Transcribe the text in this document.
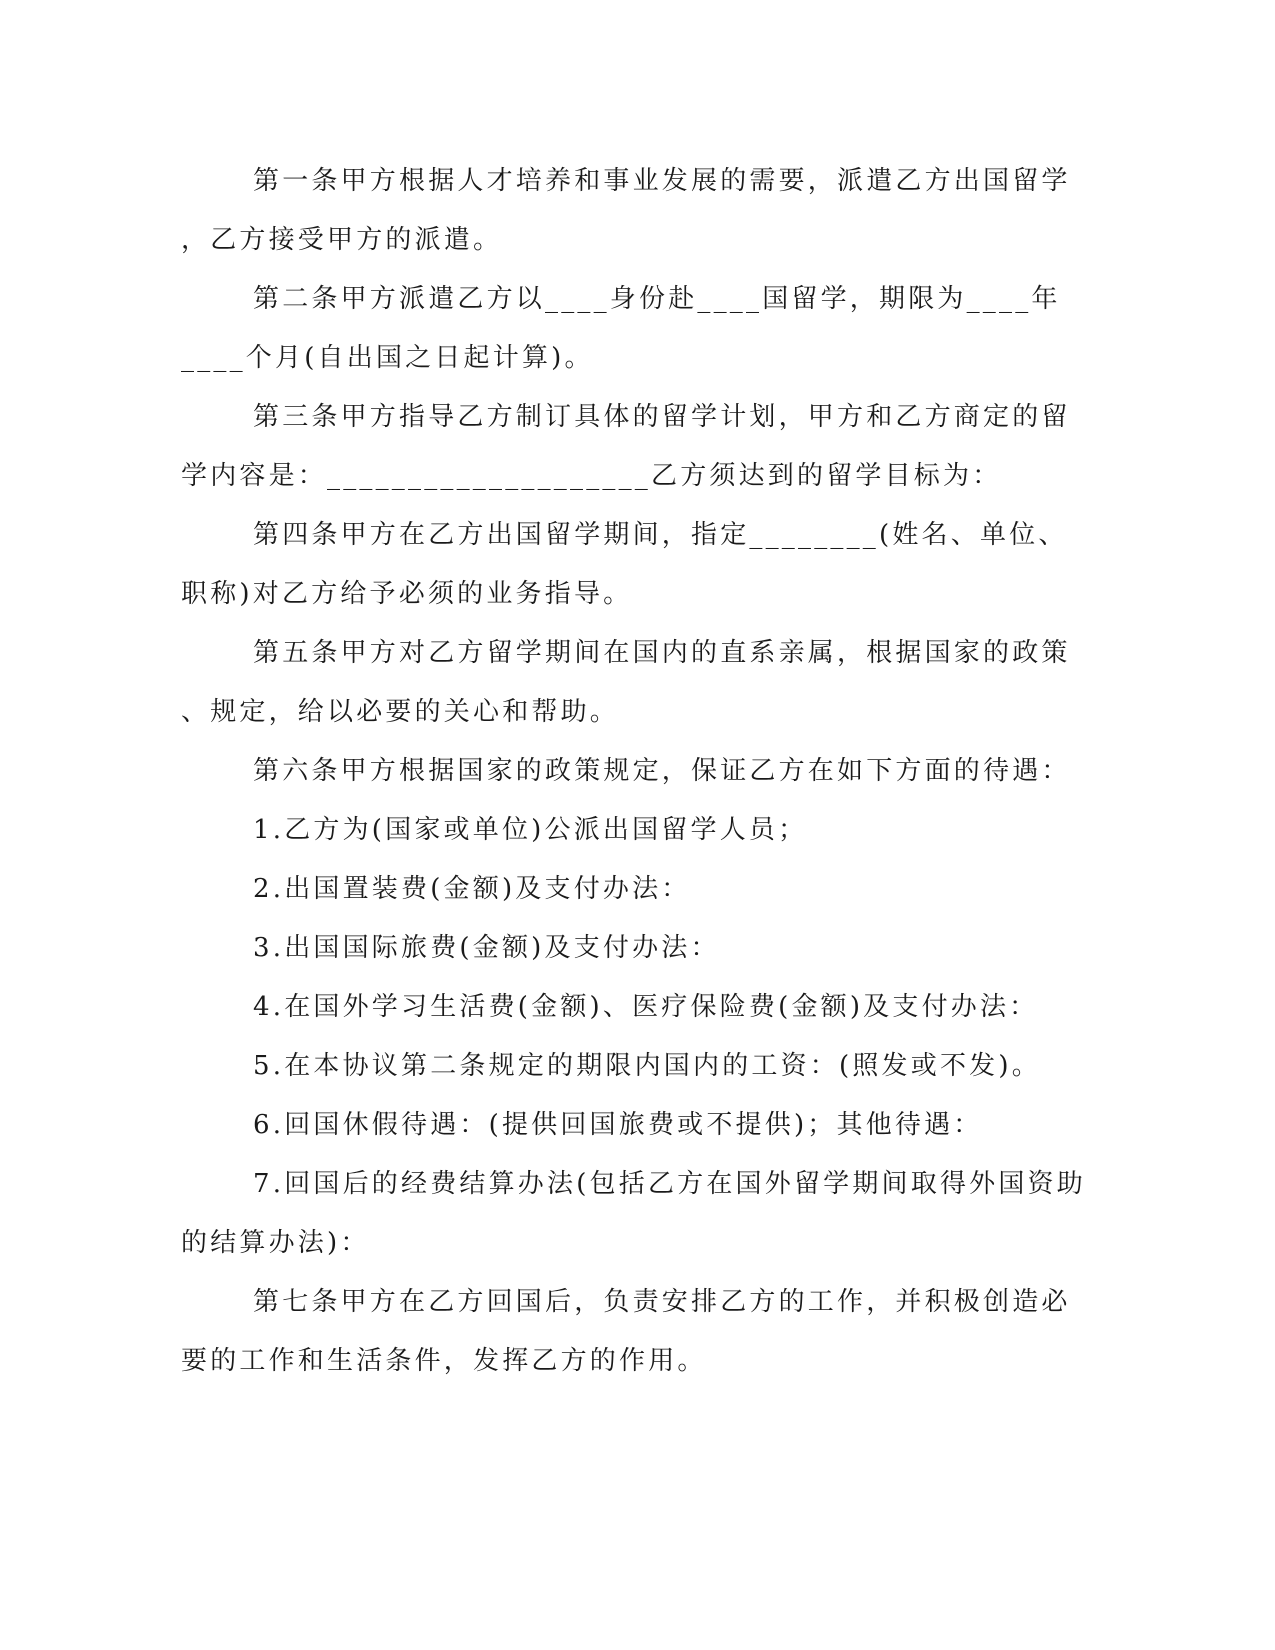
第一条甲方根据人才培养和事业发展的需要，派遣乙方出国留学
，乙方接受甲方的派遣。
第二条甲方派遣乙方以____身份赴____国留学，期限为____年
____个月(自出国之日起计算)。
第三条甲方指导乙方制订具体的留学计划，甲方和乙方商定的留
学内容是：____________________乙方须达到的留学目标为：
第四条甲方在乙方出国留学期间，指定________(姓名、单位、
职称)对乙方给予必须的业务指导。
第五条甲方对乙方留学期间在国内的直系亲属，根据国家的政策
、规定，给以必要的关心和帮助。
第六条甲方根据国家的政策规定，保证乙方在如下方面的待遇：
1.乙方为(国家或单位)公派出国留学人员；
2.出国置装费(金额)及支付办法：
3.出国国际旅费(金额)及支付办法：
4.在国外学习生活费(金额)、医疗保险费(金额)及支付办法：
5.在本协议第二条规定的期限内国内的工资：(照发或不发)。
6.回国休假待遇：(提供回国旅费或不提供)；其他待遇：
7.回国后的经费结算办法(包括乙方在国外留学期间取得外国资助
的结算办法)：
第七条甲方在乙方回国后，负责安排乙方的工作，并积极创造必
要的工作和生活条件，发挥乙方的作用。
